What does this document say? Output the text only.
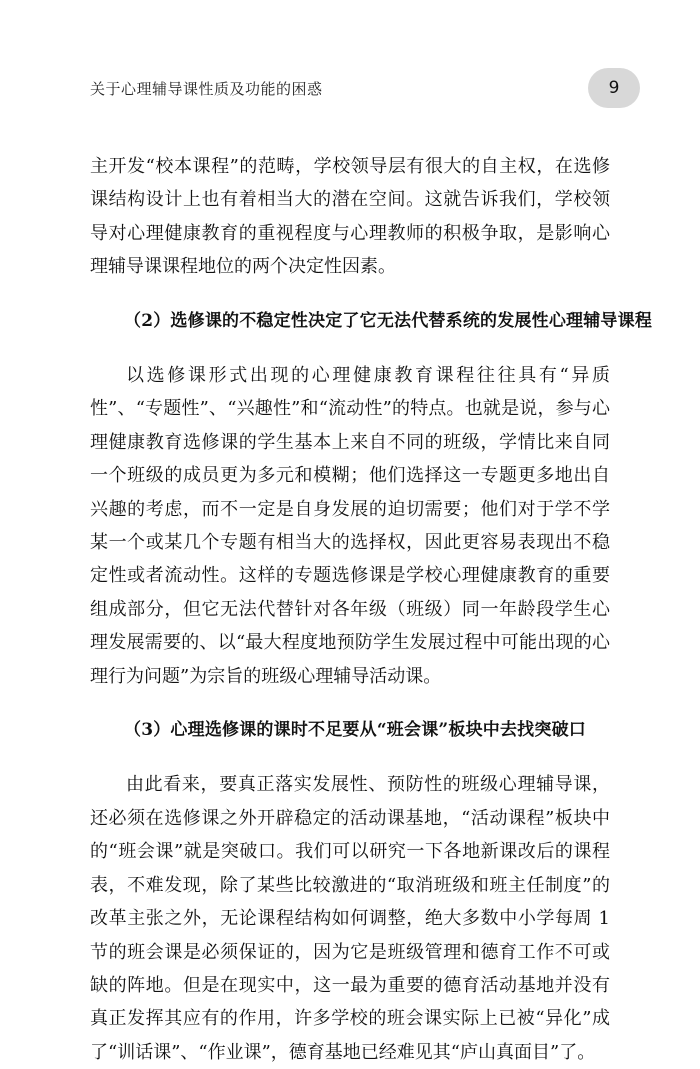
关于心理辅导课性质及功能的困惑	9

主开发“校本课程”的范畴，学校领导层有很大的自主权，在选修课结构设计上也有着相当大的潜在空间。这就告诉我们，学校领导对心理健康教育的重视程度与心理教师的积极争取，是影响心理辅导课课程地位的两个决定性因素。

（2）选修课的不稳定性决定了它无法代替系统的发展性心理辅导课程

以选修课形式出现的心理健康教育课程往往具有“异质性”、“专题性”、“兴趣性”和“流动性”的特点。也就是说，参与心理健康教育选修课的学生基本上来自不同的班级，学情比来自同一个班级的成员更为多元和模糊；他们选择这一专题更多地出自兴趣的考虑，而不一定是自身发展的迫切需要；他们对于学不学某一个或某几个专题有相当大的选择权，因此更容易表现出不稳定性或者流动性。这样的专题选修课是学校心理健康教育的重要组成部分，但它无法代替针对各年级（班级）同一年龄段学生心理发展需要的、以“最大程度地预防学生发展过程中可能出现的心理行为问题”为宗旨的班级心理辅导活动课。

（3）心理选修课的课时不足要从“班会课”板块中去找突破口

由此看来，要真正落实发展性、预防性的班级心理辅导课，还必须在选修课之外开辟稳定的活动课基地，“活动课程”板块中的“班会课”就是突破口。我们可以研究一下各地新课改后的课程表，不难发现，除了某些比较激进的“取消班级和班主任制度”的改革主张之外，无论课程结构如何调整，绝大多数中小学每周 1 节的班会课是必须保证的，因为它是班级管理和德育工作不可或缺的阵地。但是在现实中，这一最为重要的德育活动基地并没有真正发挥其应有的作用，许多学校的班会课实际上已被“异化”成了“训话课”、“作业课”，德育基地已经难见其“庐山真面目”了。
